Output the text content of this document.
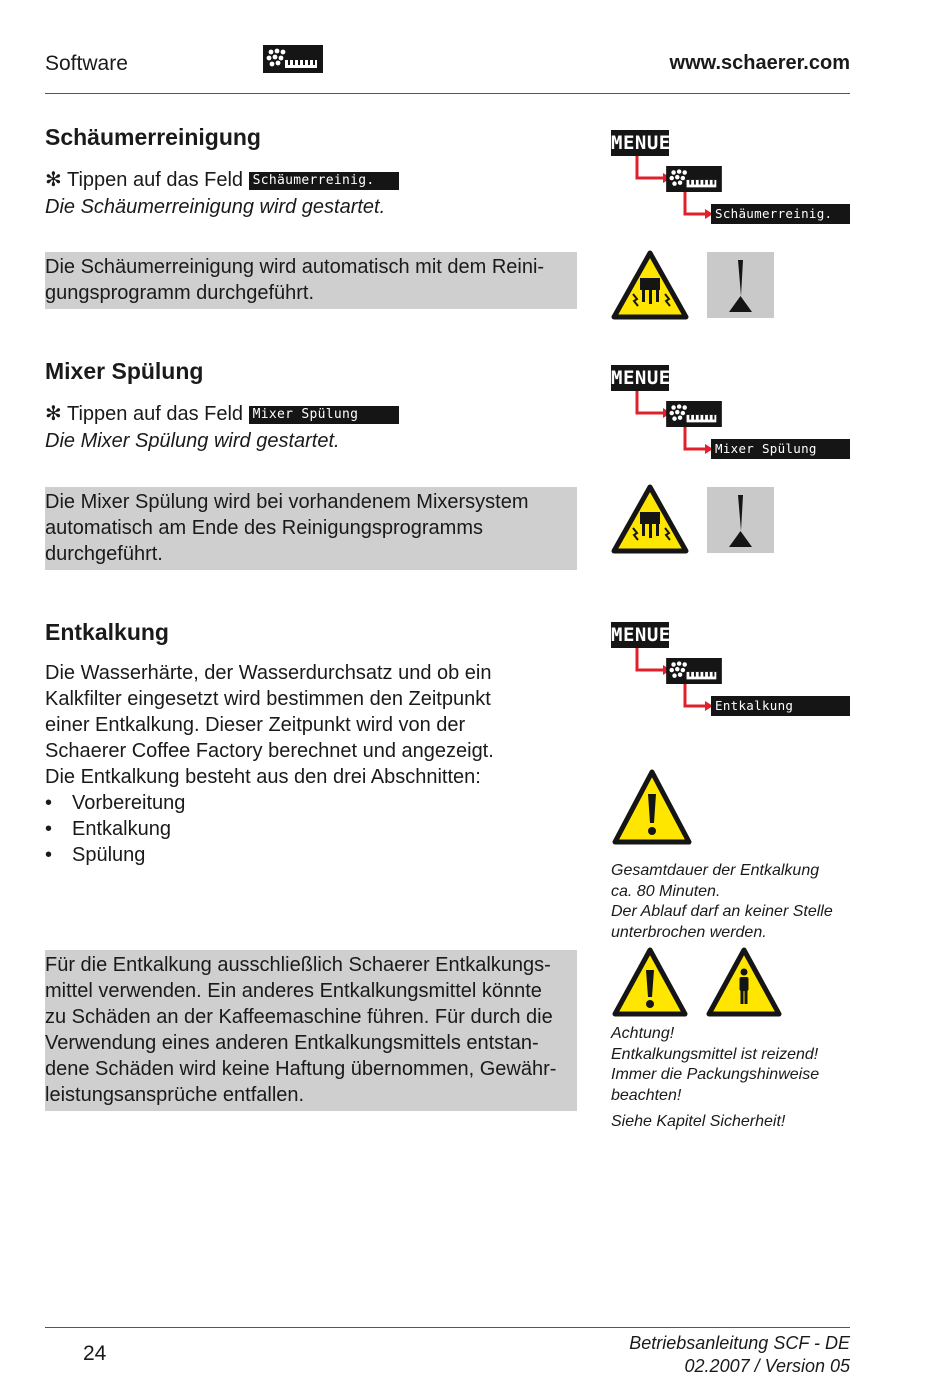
Software	www.schaerer.com
Schäumerreinigung
✻ Tippen auf das Feld Schäumerreinig.
Die Schäumerreinigung wird gestartet.
Die Schäumerreinigung wird automatisch mit dem Reini-
gungsprogramm durchgeführt.
MENUE
Schäumerreinig.
Mixer Spülung
✻ Tippen auf das Feld Mixer Spülung
Die Mixer Spülung wird gestartet.
Die Mixer Spülung wird bei vorhandenem Mixersystem
automatisch am Ende des Reinigungsprogramms
durchgeführt.
MENUE
Mixer Spülung
Entkalkung
Die Wasserhärte, der Wasserdurchsatz und ob ein
Kalkfilter eingesetzt wird bestimmen den Zeitpunkt
einer Entkalkung. Dieser Zeitpunkt wird von der
Schaerer Coffee Factory berechnet und angezeigt.
Die Entkalkung besteht aus den drei Abschnitten:
• Vorbereitung
• Entkalkung
• Spülung
Für die Entkalkung ausschließlich Schaerer Entkalkungs-
mittel verwenden. Ein anderes Entkalkungsmittel könnte
zu Schäden an der Kaffeemaschine führen. Für durch die
Verwendung eines anderen Entkalkungsmittels entstan-
dene Schäden wird keine Haftung übernommen, Gewähr-
leistungsansprüche entfallen.
MENUE
Entkalkung
Gesamtdauer der Entkalkung
ca. 80 Minuten.
Der Ablauf darf an keiner Stelle
unterbrochen werden.
Achtung!
Entkalkungsmittel ist reizend!
Immer die Packungshinweise
beachten!
Siehe Kapitel Sicherheit!
24	Betriebsanleitung SCF - DE
02.2007 / Version 05
